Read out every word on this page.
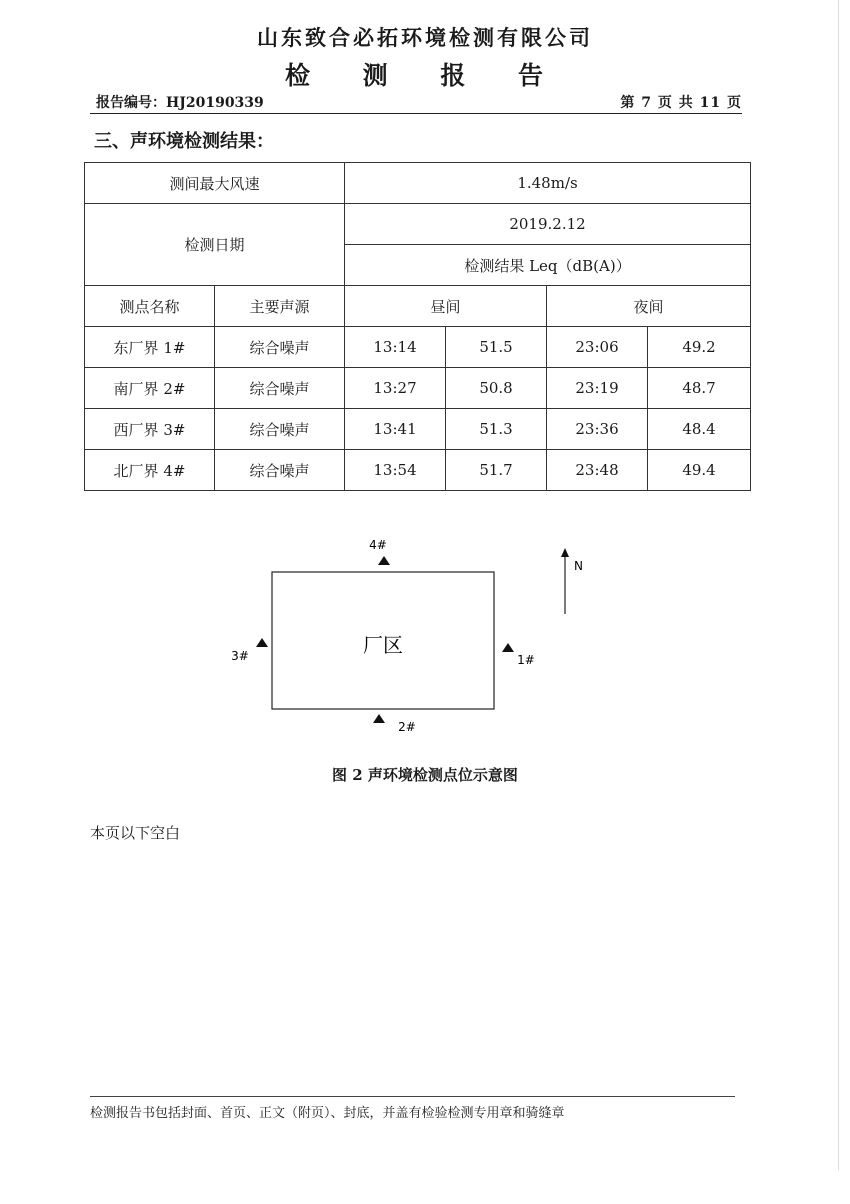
山东致合必拓环境检测有限公司
检 测 报 告
报告编号：HJ20190339	第 7 页 共 11 页
三、声环境检测结果：
测间最大风速		1.48m/s			
检测日期		2019.2.12			
		检测结果 Leq（dB(A)）			
测点名称	主要声源	昼间		夜间	
东厂界 1#	综合噪声	13:14	51.5	23:06	49.2
南厂界 2#	综合噪声	13:27	50.8	23:19	48.7
西厂界 3#	综合噪声	13:41	51.3	23:36	48.4
北厂界 4#	综合噪声	13:54	51.7	23:48	49.4
厂区
4#
3#	1#
2#
N
图 2 声环境检测点位示意图
本页以下空白
检测报告书包括封面、首页、正文（附页）、封底，并盖有检验检测专用章和骑缝章
